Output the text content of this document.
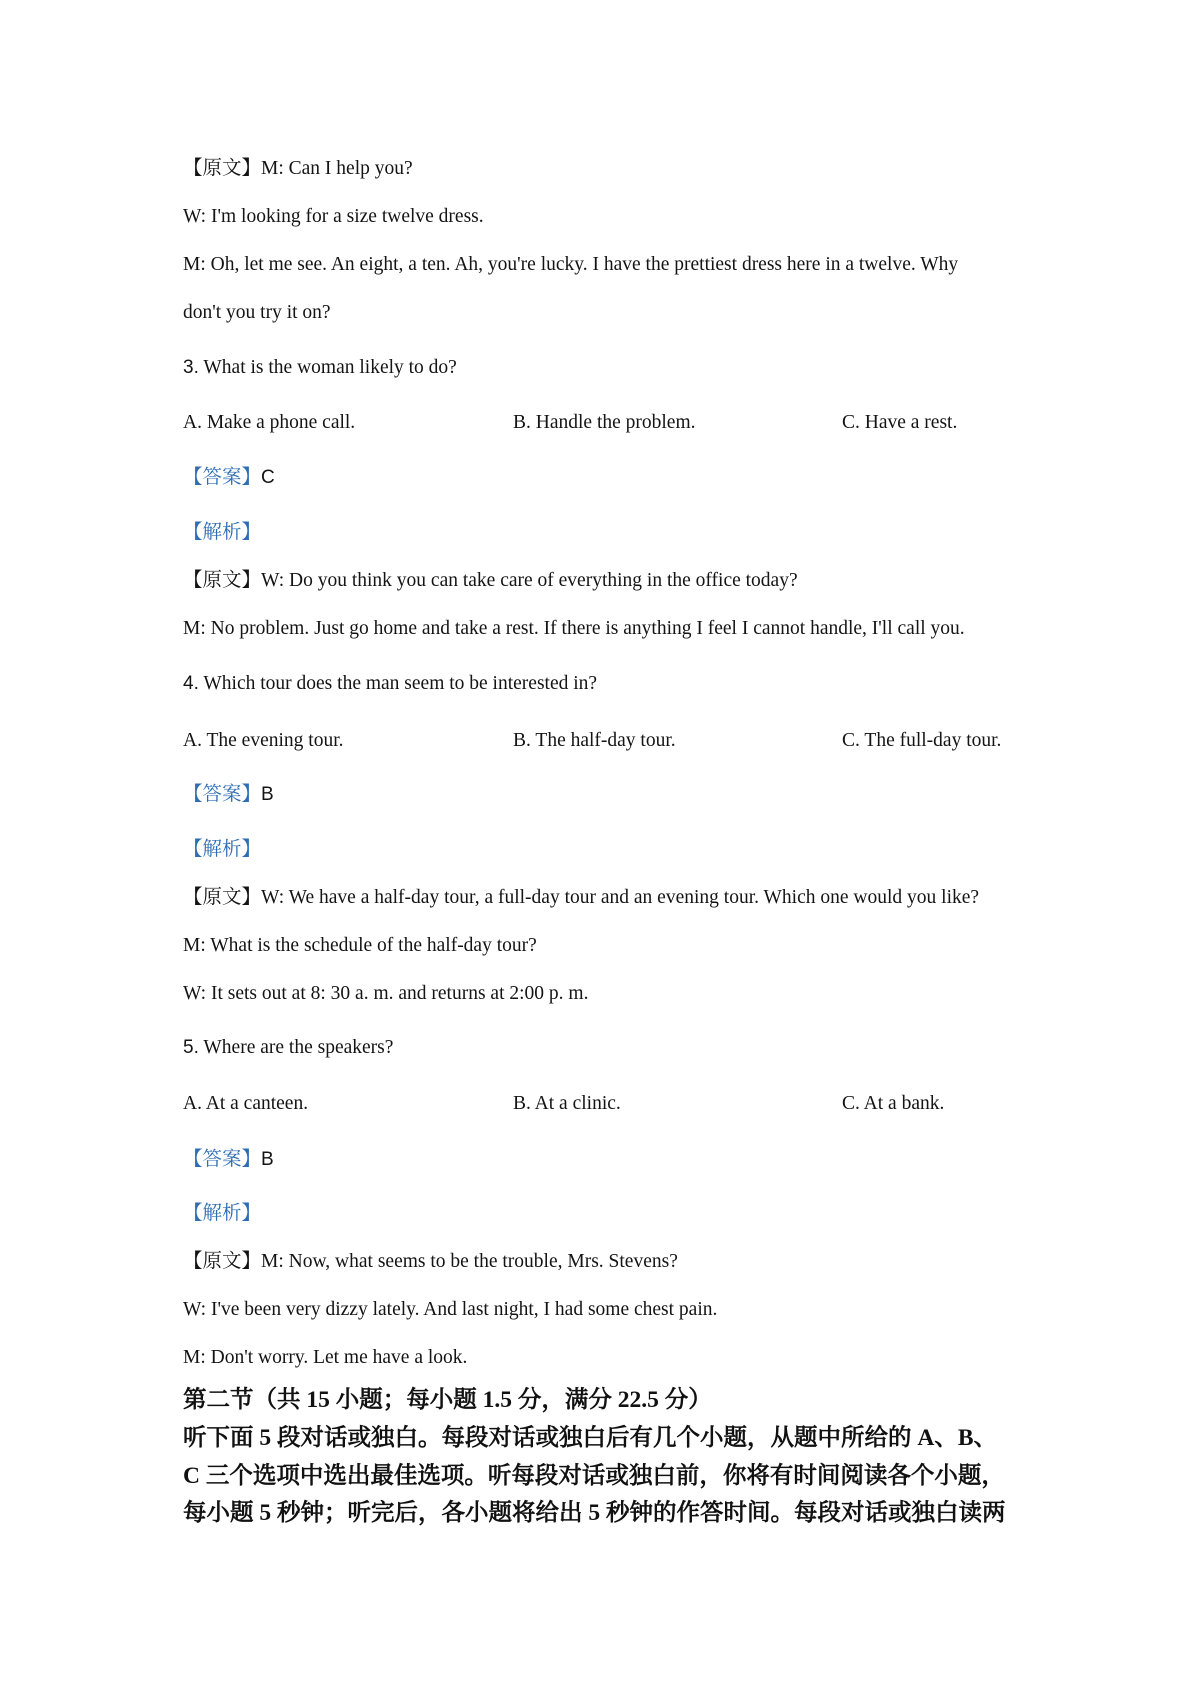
【原文】M: Can I help you?
W: I'm looking for a size twelve dress.
M: Oh, let me see. An eight, a ten. Ah, you're lucky. I have the prettiest dress here in a twelve. Why
don't you try it on?
3. What is the woman likely to do?
A. Make a phone call.	B. Handle the problem.	C. Have a rest.
【答案】C
【解析】
【原文】W: Do you think you can take care of everything in the office today?
M: No problem. Just go home and take a rest. If there is anything I feel I cannot handle, I'll call you.
4. Which tour does the man seem to be interested in?
A. The evening tour.	B. The half-day tour.	C. The full-day tour.
【答案】B
【解析】
【原文】W: We have a half-day tour, a full-day tour and an evening tour. Which one would you like?
M: What is the schedule of the half-day tour?
W: It sets out at 8: 30 a. m. and returns at 2:00 p. m.
5. Where are the speakers?
A. At a canteen.	B. At a clinic.	C. At a bank.
【答案】B
【解析】
【原文】M: Now, what seems to be the trouble, Mrs. Stevens?
W: I've been very dizzy lately. And last night, I had some chest pain.
M: Don't worry. Let me have a look.
第二节（共 15 小题；每小题 1.5 分，满分 22.5 分）
听下面 5 段对话或独白。每段对话或独白后有几个小题，从题中所给的 A、B、
C 三个选项中选出最佳选项。听每段对话或独白前，你将有时间阅读各个小题，
每小题 5 秒钟；听完后，各小题将给出 5 秒钟的作答时间。每段对话或独白读两
